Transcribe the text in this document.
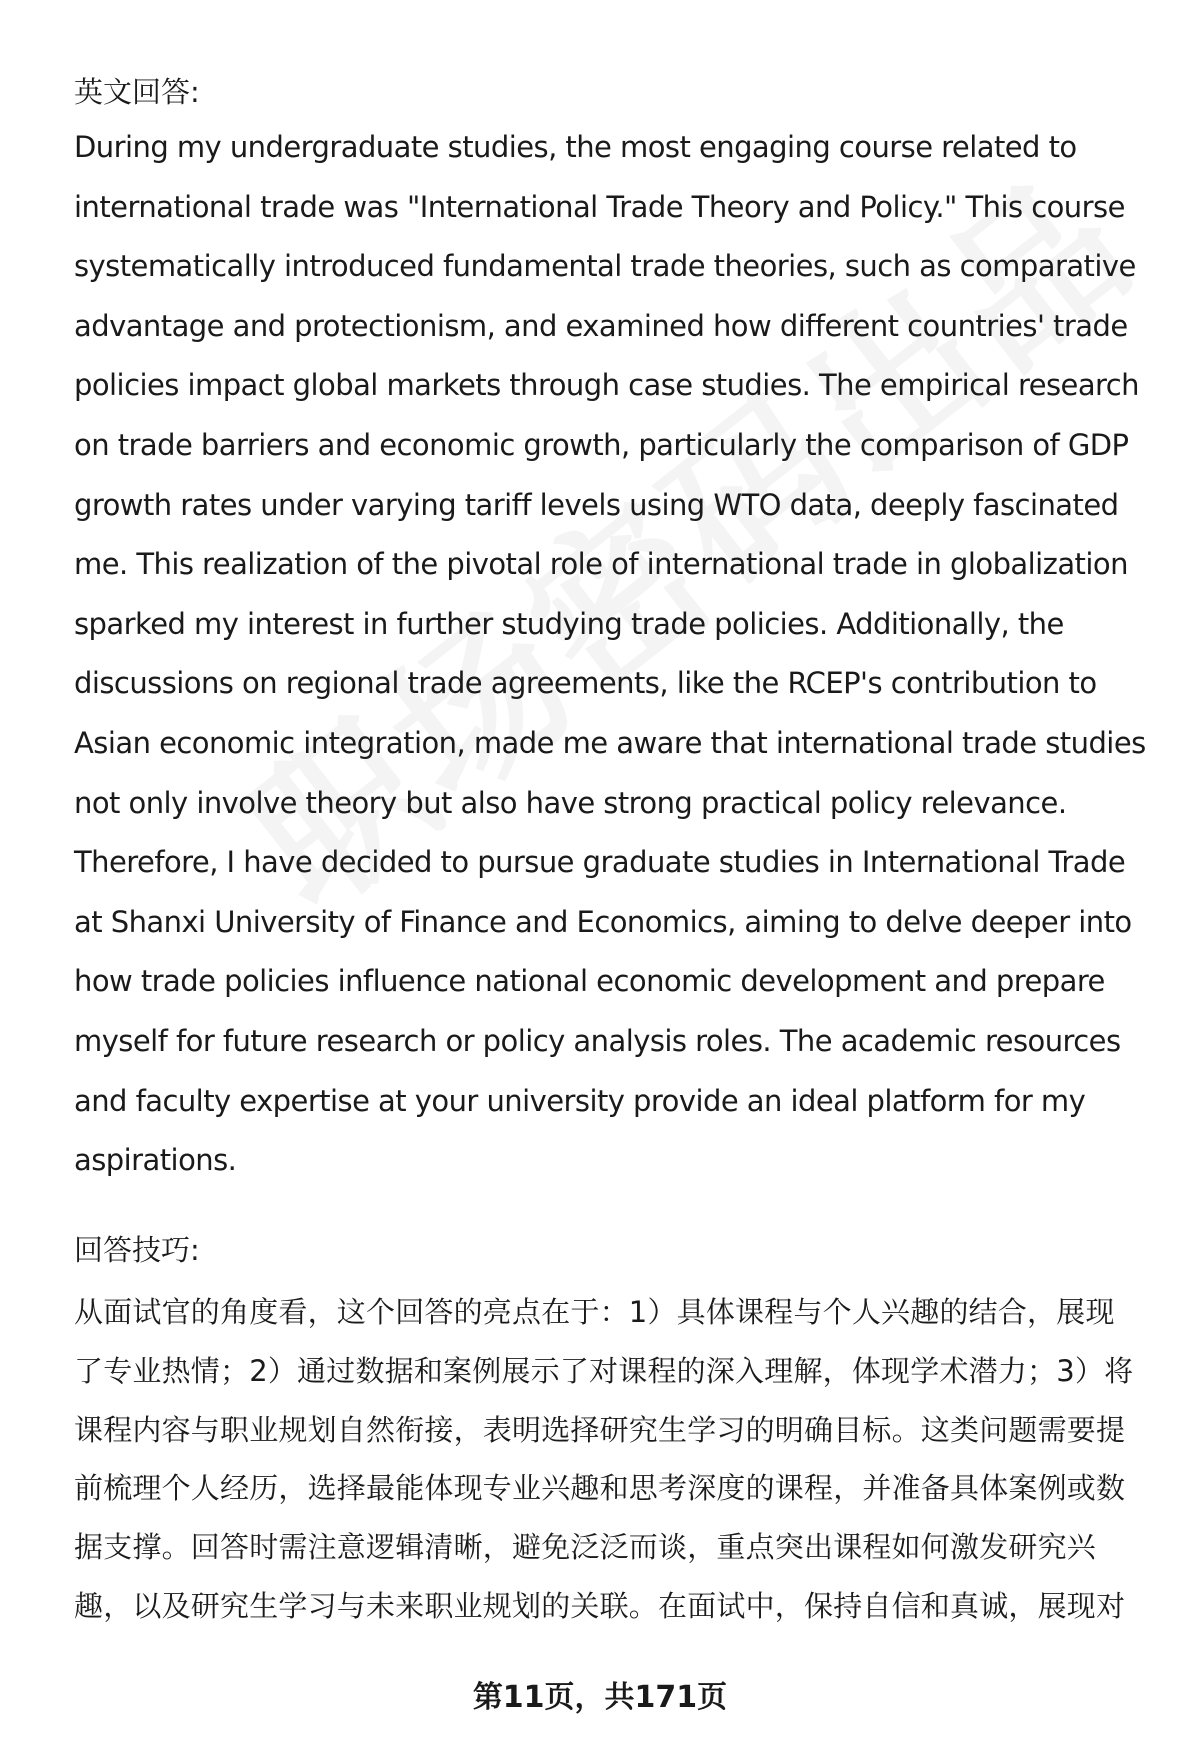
英文回答:
During my undergraduate studies, the most engaging course related to
international trade was "International Trade Theory and Policy." This course
systematically introduced fundamental trade theories, such as comparative
advantage and protectionism, and examined how different countries' trade
policies impact global markets through case studies. The empirical research
on trade barriers and economic growth, particularly the comparison of GDP
growth rates under varying tariff levels using WTO data, deeply fascinated
me. This realization of the pivotal role of international trade in globalization
sparked my interest in further studying trade policies. Additionally, the
discussions on regional trade agreements, like the RCEP's contribution to
Asian economic integration, made me aware that international trade studies
not only involve theory but also have strong practical policy relevance.
Therefore, I have decided to pursue graduate studies in International Trade
at Shanxi University of Finance and Economics, aiming to delve deeper into
how trade policies influence national economic development and prepare
myself for future research or policy analysis roles. The academic resources
and faculty expertise at your university provide an ideal platform for my
aspirations.
回答技巧:
从面试官的角度看，这个回答的亮点在于：1）具体课程与个人兴趣的结合，展现
了专业热情；2）通过数据和案例展示了对课程的深入理解，体现学术潜力；3）将
课程内容与职业规划自然衔接，表明选择研究生学习的明确目标。这类问题需要提
前梳理个人经历，选择最能体现专业兴趣和思考深度的课程，并准备具体案例或数
据支撑。回答时需注意逻辑清晰，避免泛泛而谈，重点突出课程如何激发研究兴
趣，以及研究生学习与未来职业规划的关联。在面试中，保持自信和真诚，展现对
第11页，共171页
